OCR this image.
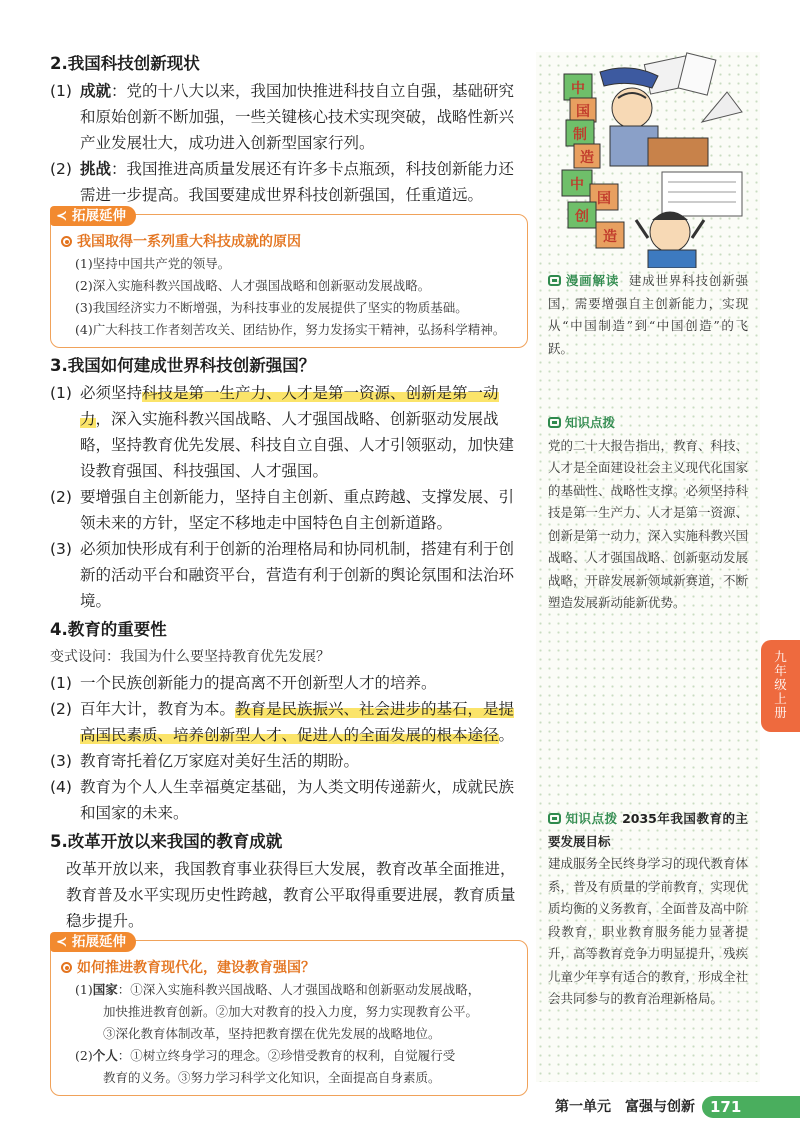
2.我国科技创新现状
(1) 成就：党的十八大以来，我国加快推进科技自立自强，基础研究和原始创新不断加强，一些关键核心技术实现突破，战略性新兴产业发展壮大，成功进入创新型国家行列。
(2) 挑战：我国推进高质量发展还有许多卡点瓶颈，科技创新能力还需进一步提高。我国要建成世界科技创新强国，任重道远。
≺ 拓展延伸
我国取得一系列重大科技成就的原因
(1)坚持中国共产党的领导。
(2)深入实施科教兴国战略、人才强国战略和创新驱动发展战略。
(3)我国经济实力不断增强，为科技事业的发展提供了坚实的物质基础。
(4)广大科技工作者刻苦攻关、团结协作，努力发扬实干精神，弘扬科学精神。
3.我国如何建成世界科技创新强国？
(1) 必须坚持科技是第一生产力、人才是第一资源、创新是第一动力，深入实施科教兴国战略、人才强国战略、创新驱动发展战略，坚持教育优先发展、科技自立自强、人才引领驱动，加快建设教育强国、科技强国、人才强国。
(2) 要增强自主创新能力，坚持自主创新、重点跨越、支撑发展、引领未来的方针，坚定不移地走中国特色自主创新道路。
(3) 必须加快形成有利于创新的治理格局和协同机制，搭建有利于创新的活动平台和融资平台，营造有利于创新的舆论氛围和法治环境。
4.教育的重要性
变式设问：我国为什么要坚持教育优先发展？
(1) 一个民族创新能力的提高离不开创新型人才的培养。
(2) 百年大计，教育为本。教育是民族振兴、社会进步的基石，是提高国民素质、培养创新型人才、促进人的全面发展的根本途径。
(3) 教育寄托着亿万家庭对美好生活的期盼。
(4) 教育为个人人生幸福奠定基础，为人类文明传递薪火，成就民族和国家的未来。
5.改革开放以来我国的教育成就
改革开放以来，我国教育事业获得巨大发展，教育改革全面推进，教育普及水平实现历史性跨越，教育公平取得重要进展，教育质量稳步提升。
≺ 拓展延伸
如何推进教育现代化，建设教育强国？
(1)国家：①深入实施科教兴国战略、人才强国战略和创新驱动发展战略，
加快推进教育创新。②加大对教育的投入力度，努力实现教育公平。
③深化教育体制改革，坚持把教育摆在优先发展的战略地位。
(2)个人：①树立终身学习的理念。②珍惜受教育的权利，自觉履行受
教育的义务。③努力学习科学文化知识，全面提高自身素质。
漫画解读 建成世界科技创新强国，需要增强自主创新能力，实现从“中国制造”到“中国创造”的飞跃。
知识点拨
党的二十大报告指出，教育、科技、人才是全面建设社会主义现代化国家的基础性、战略性支撑。必须坚持科技是第一生产力、人才是第一资源、创新是第一动力，深入实施科教兴国战略、人才强国战略、创新驱动发展战略，开辟发展新领域新赛道，不断塑造发展新动能新优势。
知识点拨 2035年我国教育的主要发展目标
建成服务全民终身学习的现代教育体系，普及有质量的学前教育，实现优质均衡的义务教育，全面普及高中阶段教育，职业教育服务能力显著提升，高等教育竞争力明显提升，残疾儿童少年享有适合的教育，形成全社会共同参与的教育治理新格局。
中
国
制
造
中
国
创
造
九年级上册
第一单元 富强与创新	171
